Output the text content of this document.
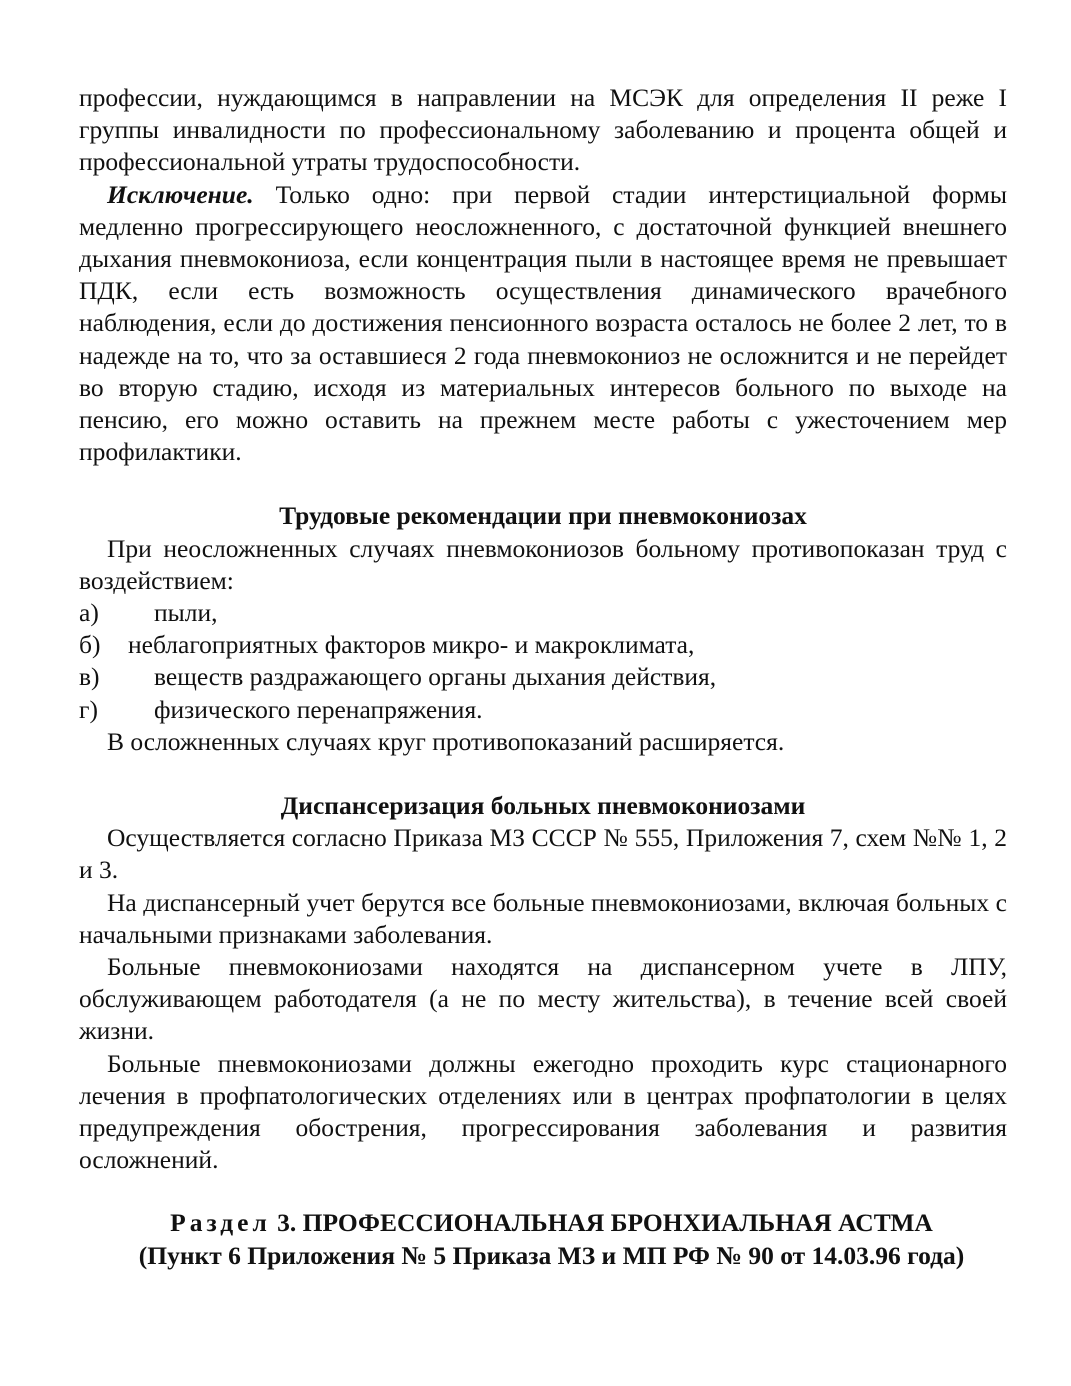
профессии, нуждающимся в направлении на МСЭК для определения II реже I группы инвалидности по профессиональному заболеванию и процента общей и профессиональной утраты трудоспособности.

Исключение. Только одно: при первой стадии интерстициальной формы медленно прогрессирующего неосложненного, с достаточной функцией внешнего дыхания пневмокониоза, если концентрация пыли в настоящее время не превышает ПДК, если есть возможность осуществления динамического врачебного наблюдения, если до достижения пенсионного возраста осталось не более 2 лет, то в надежде на то, что за оставшиеся 2 года пневмокониоз не осложнится и не перейдет во вторую стадию, исходя из материальных интересов больного по выходе на пенсию, его можно оставить на прежнем месте работы с ужесточением мер профилактики.

Трудовые рекомендации при пневмокониозах

При неосложненных случаях пневмокониозов больному противопоказан труд с воздействием:

а)	пыли,
б)	неблагоприятных факторов микро- и макроклимата,
в)	веществ раздражающего органы дыхания действия,
г)	физического перенапряжения.

В осложненных случаях круг противопоказаний расширяется.

Диспансеризация больных пневмокониозами

Осуществляется согласно Приказа МЗ СССР № 555, Приложения 7, схем №№ 1, 2 и 3.

На диспансерный учет берутся все больные пневмокониозами, включая больных с начальными признаками заболевания.

Больные пневмокониозами находятся на диспансерном учете в ЛПУ, обслуживающем работодателя (а не по месту жительства), в течение всей своей жизни.

Больные пневмокониозами должны ежегодно проходить курс стационарного лечения в профпатологических отделениях или в центрах профпатологии в целях предупреждения обострения, прогрессирования заболевания и развития осложнений.

Раздел 3. ПРОФЕССИОНАЛЬНАЯ БРОНХИАЛЬНАЯ АСТМА
(Пункт 6 Приложения № 5 Приказа МЗ и МП РФ № 90 от 14.03.96 года)
